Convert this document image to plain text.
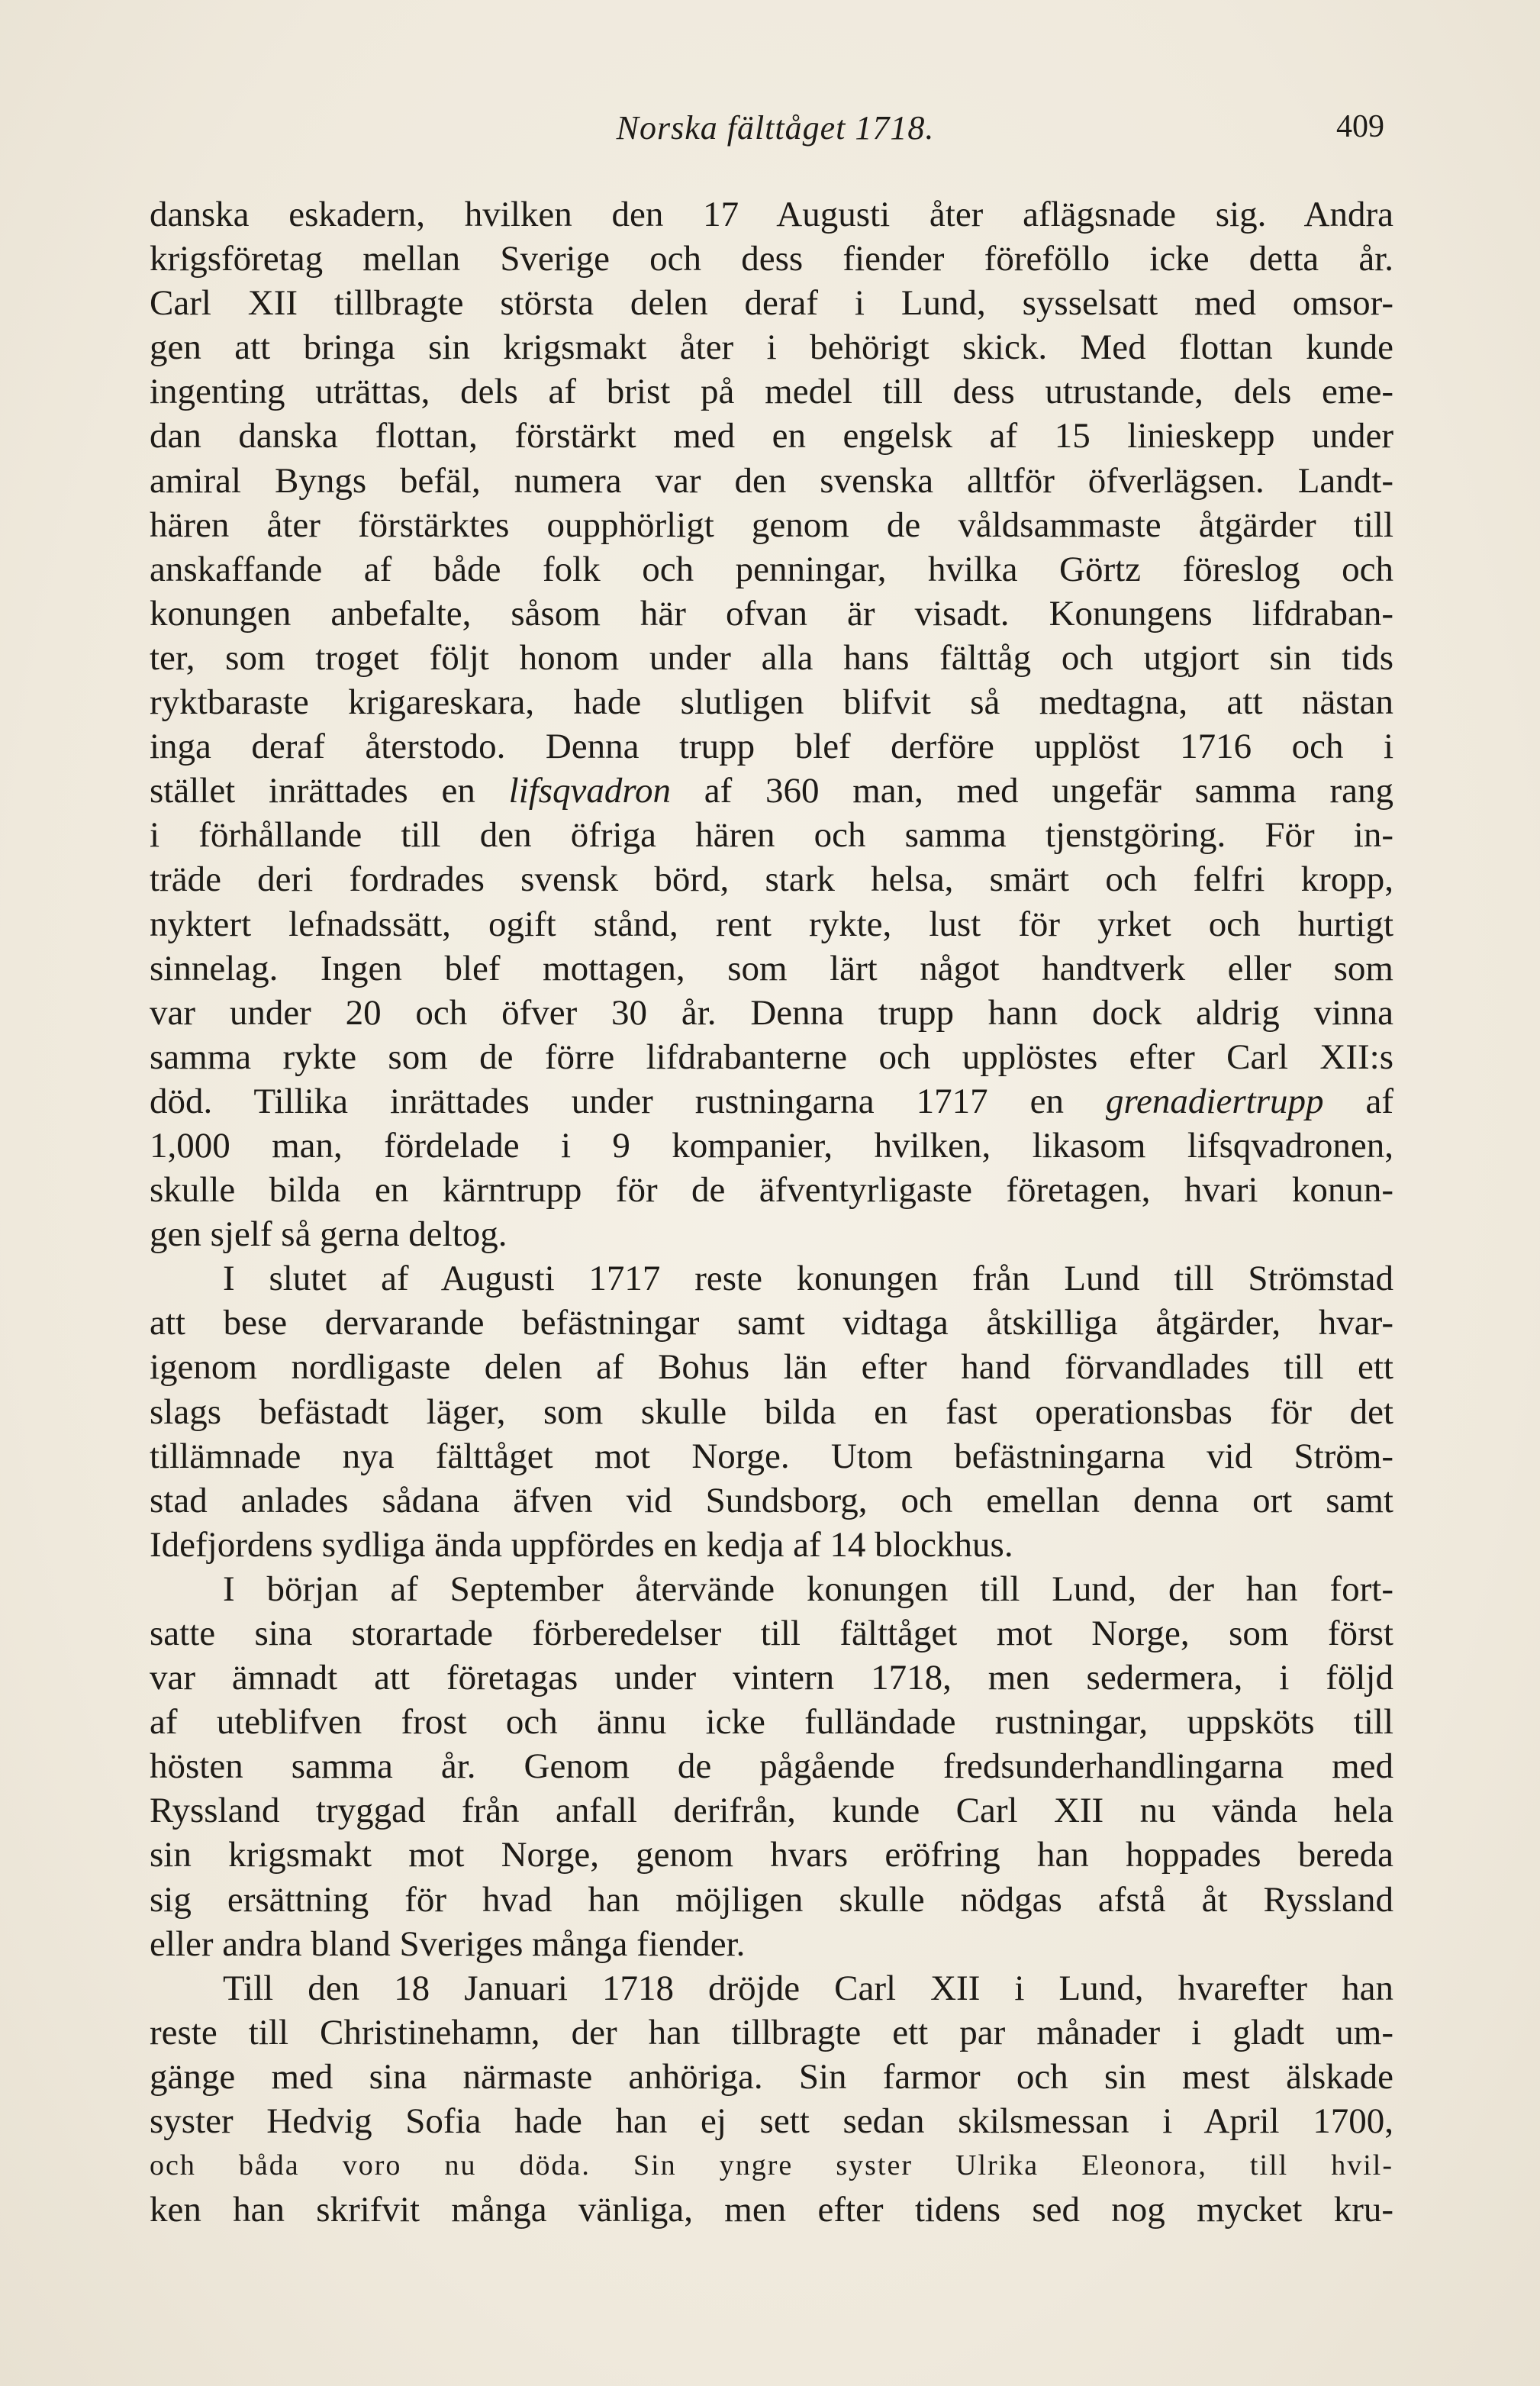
Norska fälttåget 1718.	409
danska eskadern, hvilken den 17 Augusti åter aflägsnade sig. Andra
krigsföretag mellan Sverige och dess fiender föreföllo icke detta år.
Carl XII tillbragte största delen deraf i Lund, sysselsatt med omsor-
gen att bringa sin krigsmakt åter i behörigt skick. Med flottan kunde
ingenting uträttas, dels af brist på medel till dess utrustande, dels eme-
dan danska flottan, förstärkt med en engelsk af 15 linieskepp under
amiral Byngs befäl, numera var den svenska alltför öfverlägsen. Landt-
hären åter förstärktes oupphörligt genom de våldsammaste åtgärder till
anskaffande af både folk och penningar, hvilka Görtz föreslog och
konungen anbefalte, såsom här ofvan är visadt. Konungens lifdraban-
ter, som troget följt honom under alla hans fälttåg och utgjort sin tids
ryktbaraste krigareskara, hade slutligen blifvit så medtagna, att nästan
inga deraf återstodo. Denna trupp blef derföre upplöst 1716 och i
stället inrättades en lifsqvadron af 360 man, med ungefär samma rang
i förhållande till den öfriga hären och samma tjenstgöring. För in-
träde deri fordrades svensk börd, stark helsa, smärt och felfri kropp,
nyktert lefnadssätt, ogift stånd, rent rykte, lust för yrket och hurtigt
sinnelag. Ingen blef mottagen, som lärt något handtverk eller som
var under 20 och öfver 30 år. Denna trupp hann dock aldrig vinna
samma rykte som de förre lifdrabanterne och upplöstes efter Carl XII:s
död. Tillika inrättades under rustningarna 1717 en grenadiertrupp af
1,000 man, fördelade i 9 kompanier, hvilken, likasom lifsqvadronen,
skulle bilda en kärntrupp för de äfventyrligaste företagen, hvari konun-
gen sjelf så gerna deltog.
I slutet af Augusti 1717 reste konungen från Lund till Strömstad
att bese dervarande befästningar samt vidtaga åtskilliga åtgärder, hvar-
igenom nordligaste delen af Bohus län efter hand förvandlades till ett
slags befästadt läger, som skulle bilda en fast operationsbas för det
tillämnade nya fälttåget mot Norge. Utom befästningarna vid Ström-
stad anlades sådana äfven vid Sundsborg, och emellan denna ort samt
Idefjordens sydliga ända uppfördes en kedja af 14 blockhus.
I början af September återvände konungen till Lund, der han fort-
satte sina storartade förberedelser till fälttåget mot Norge, som först
var ämnadt att företagas under vintern 1718, men sedermera, i följd
af uteblifven frost och ännu icke fulländade rustningar, uppsköts till
hösten samma år. Genom de pågående fredsunderhandlingarna med
Ryssland tryggad från anfall derifrån, kunde Carl XII nu vända hela
sin krigsmakt mot Norge, genom hvars eröfring han hoppades bereda
sig ersättning för hvad han möjligen skulle nödgas afstå åt Ryssland
eller andra bland Sveriges många fiender.
Till den 18 Januari 1718 dröjde Carl XII i Lund, hvarefter han
reste till Christinehamn, der han tillbragte ett par månader i gladt um-
gänge med sina närmaste anhöriga. Sin farmor och sin mest älskade
syster Hedvig Sofia hade han ej sett sedan skilsmessan i April 1700,
och båda voro nu döda. Sin yngre syster Ulrika Eleonora, till hvil-
ken han skrifvit många vänliga, men efter tidens sed nog mycket kru-
